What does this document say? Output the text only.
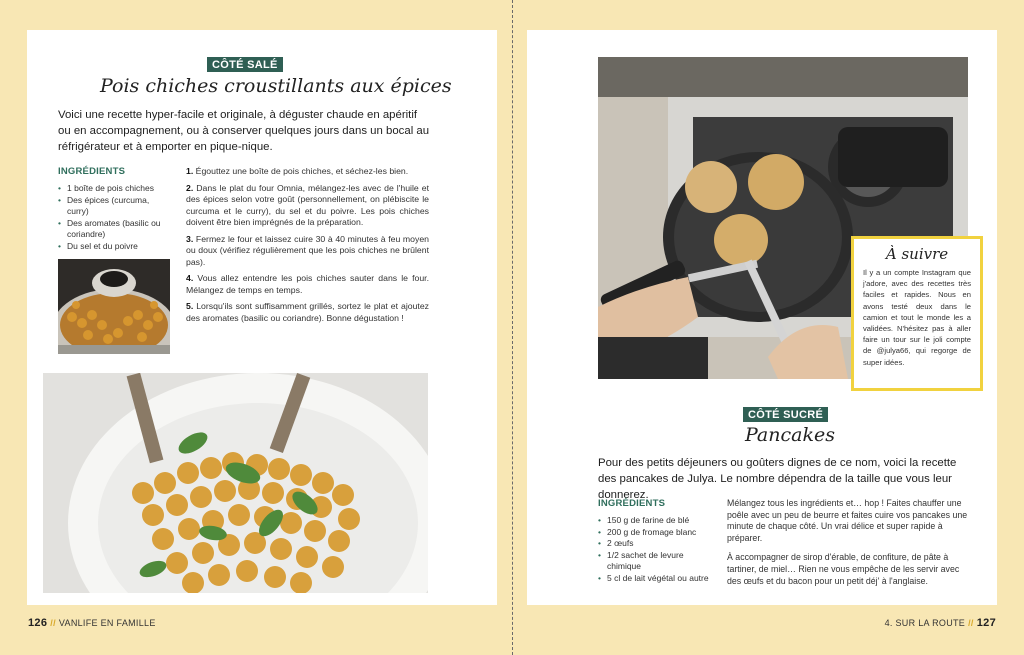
CÔTÉ SALÉ
Pois chiches croustillants aux épices
Voici une recette hyper-facile et originale, à déguster chaude en apéritif ou en accompagnement, ou à conserver quelques jours dans un bocal au réfrigérateur et à emporter en pique-nique.
INGRÉDIENTS
• 1 boîte de pois chiches
• Des épices (curcuma, curry)
• Des aromates (basilic ou coriandre)
• Du sel et du poivre

1. Égouttez une boîte de pois chiches, et séchez-les bien.

2. Dans le plat du four Omnia, mélangez-les avec de l'huile et des épices selon votre goût (personnellement, on plébiscite le curcuma et le curry), du sel et du poivre. Les pois chiches doivent être bien imprégnés de la préparation.

3. Fermez le four et laissez cuire 30 à 40 minutes à feu moyen ou doux (vérifiez régulièrement que les pois chiches ne brûlent pas).

4. Vous allez entendre les pois chiches sauter dans le four. Mélangez de temps en temps.

5. Lorsqu'ils sont suffisamment grillés, sortez le plat et ajoutez des aromates (basilic ou coriandre). Bonne dégustation !

126 // VANLIFE EN FAMILLE
À suivre
Il y a un compte Instagram que j'adore, avec des recettes très faciles et rapides. Nous en avons testé deux dans le camion et tout le monde les a validées. N'hésitez pas à aller faire un tour sur le joli compte de @julya66, qui regorge de super idées.
CÔTÉ SUCRÉ
Pancakes
Pour des petits déjeuners ou goûters dignes de ce nom, voici la recette des pancakes de Julya. Le nombre dépendra de la taille que vous leur donnerez.
INGRÉDIENTS
• 150 g de farine de blé
• 200 g de fromage blanc
• 2 œufs
• 1/2 sachet de levure chimique
• 5 cl de lait végétal ou autre

Mélangez tous les ingrédients et… hop ! Faites chauffer une poêle avec un peu de beurre et faites cuire vos pancakes une minute de chaque côté. Un vrai délice et super rapide à préparer.

À accompagner de sirop d'érable, de confiture, de pâte à tartiner, de miel… Rien ne vous empêche de les servir avec des œufs et du bacon pour un petit déj' à l'anglaise.

4. SUR LA ROUTE // 127
